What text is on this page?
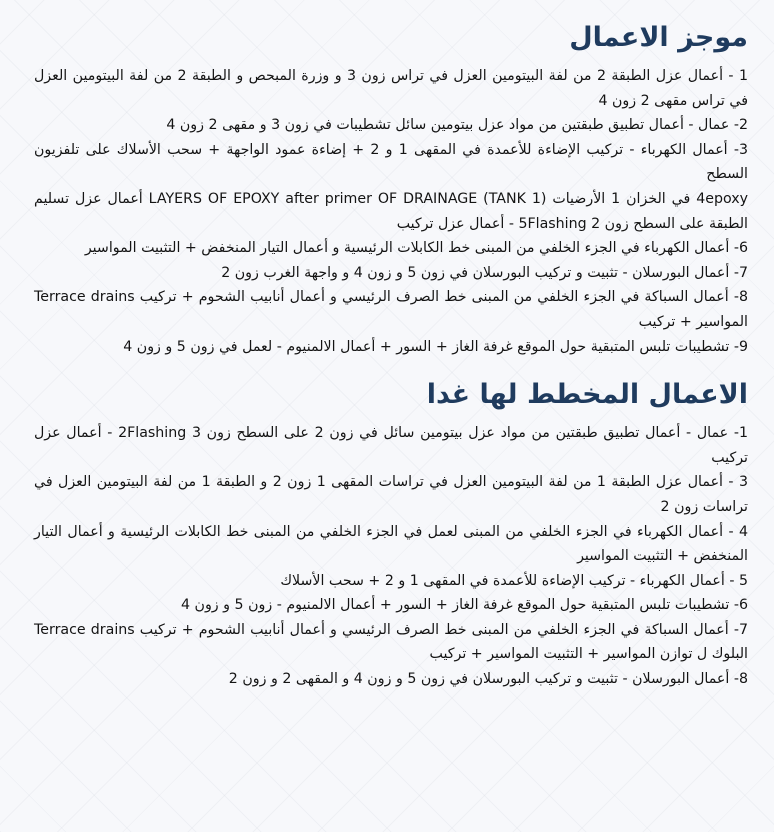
موجز الاعمال
1 - أعمال عزل الطبقة 2 من لفة البيتومين العزل في تراس زون 3 و وزرة المبحص و الطبقة 2 من لفة البيتومين العزل في تراس مقهى 2 زون 4
2- عمال - أعمال تطبيق طبقتين من مواد عزل بيتومين سائل تشطيبات في زون 3 و مقهى 2 زون 4
3- أعمال الكهرباء - تركيب الإضاءة للأعمدة في المقهى 1 و 2 + إضاءة عمود الواجهة + سحب الأسلاك على تلفزيون السطح
4epoxy في الخزان 1 الأرضيات LAYERS OF EPOXY after primer OF DRAINAGE (TANK 1) أعمال عزل تسليم الطبقة على السطح زون 2 5Flashing - أعمال عزل تركيب
6- أعمال الكهرباء في الجزء الخلفي من المبنى خط الكابلات الرئيسية و أعمال التيار المنخفض + التثبيت المواسير
7- أعمال البورسلان - تثبيت و تركيب البورسلان في زون 5 و زون 4 و واجهة الغرب زون 2
8- أعمال السباكة في الجزء الخلفي من المبنى خط الصرف الرئيسي و أعمال أنابيب الشحوم + تركيب Terrace drains المواسير + تركيب
9- تشطيبات تلبس المتبقية حول الموقع غرفة الغاز + السور + أعمال الالمنيوم - لعمل في زون 5 و زون 4
الاعمال المخطط لها غدا
1- عمال - أعمال تطبيق طبقتين من مواد عزل بيتومين سائل في زون 2 على السطح زون 3 2Flashing - أعمال عزل تركيب
3 - أعمال عزل الطبقة 1 من لفة البيتومين العزل في تراسات المقهى 1 زون 2 و الطبقة 1 من لفة البيتومين العزل في تراسات زون 2
4 - أعمال الكهرباء في الجزء الخلفي من المبنى لعمل في الجزء الخلفي من المبنى خط الكابلات الرئيسية و أعمال التيار المنخفض + التثبيت المواسير
5 - أعمال الكهرباء - تركيب الإضاءة للأعمدة في المقهى 1 و 2 + سحب الأسلاك
6- تشطيبات تلبس المتبقية حول الموقع غرفة الغاز + السور + أعمال الالمنيوم - زون 5 و زون 4
7- أعمال السباكة في الجزء الخلفي من المبنى خط الصرف الرئيسي و أعمال أنابيب الشحوم + تركيب Terrace drains البلوك ل توازن المواسير + التثبيت المواسير + تركيب
8- أعمال البورسلان - تثبيت و تركيب البورسلان في زون 5 و زون 4 و المقهى 2 و زون 2
